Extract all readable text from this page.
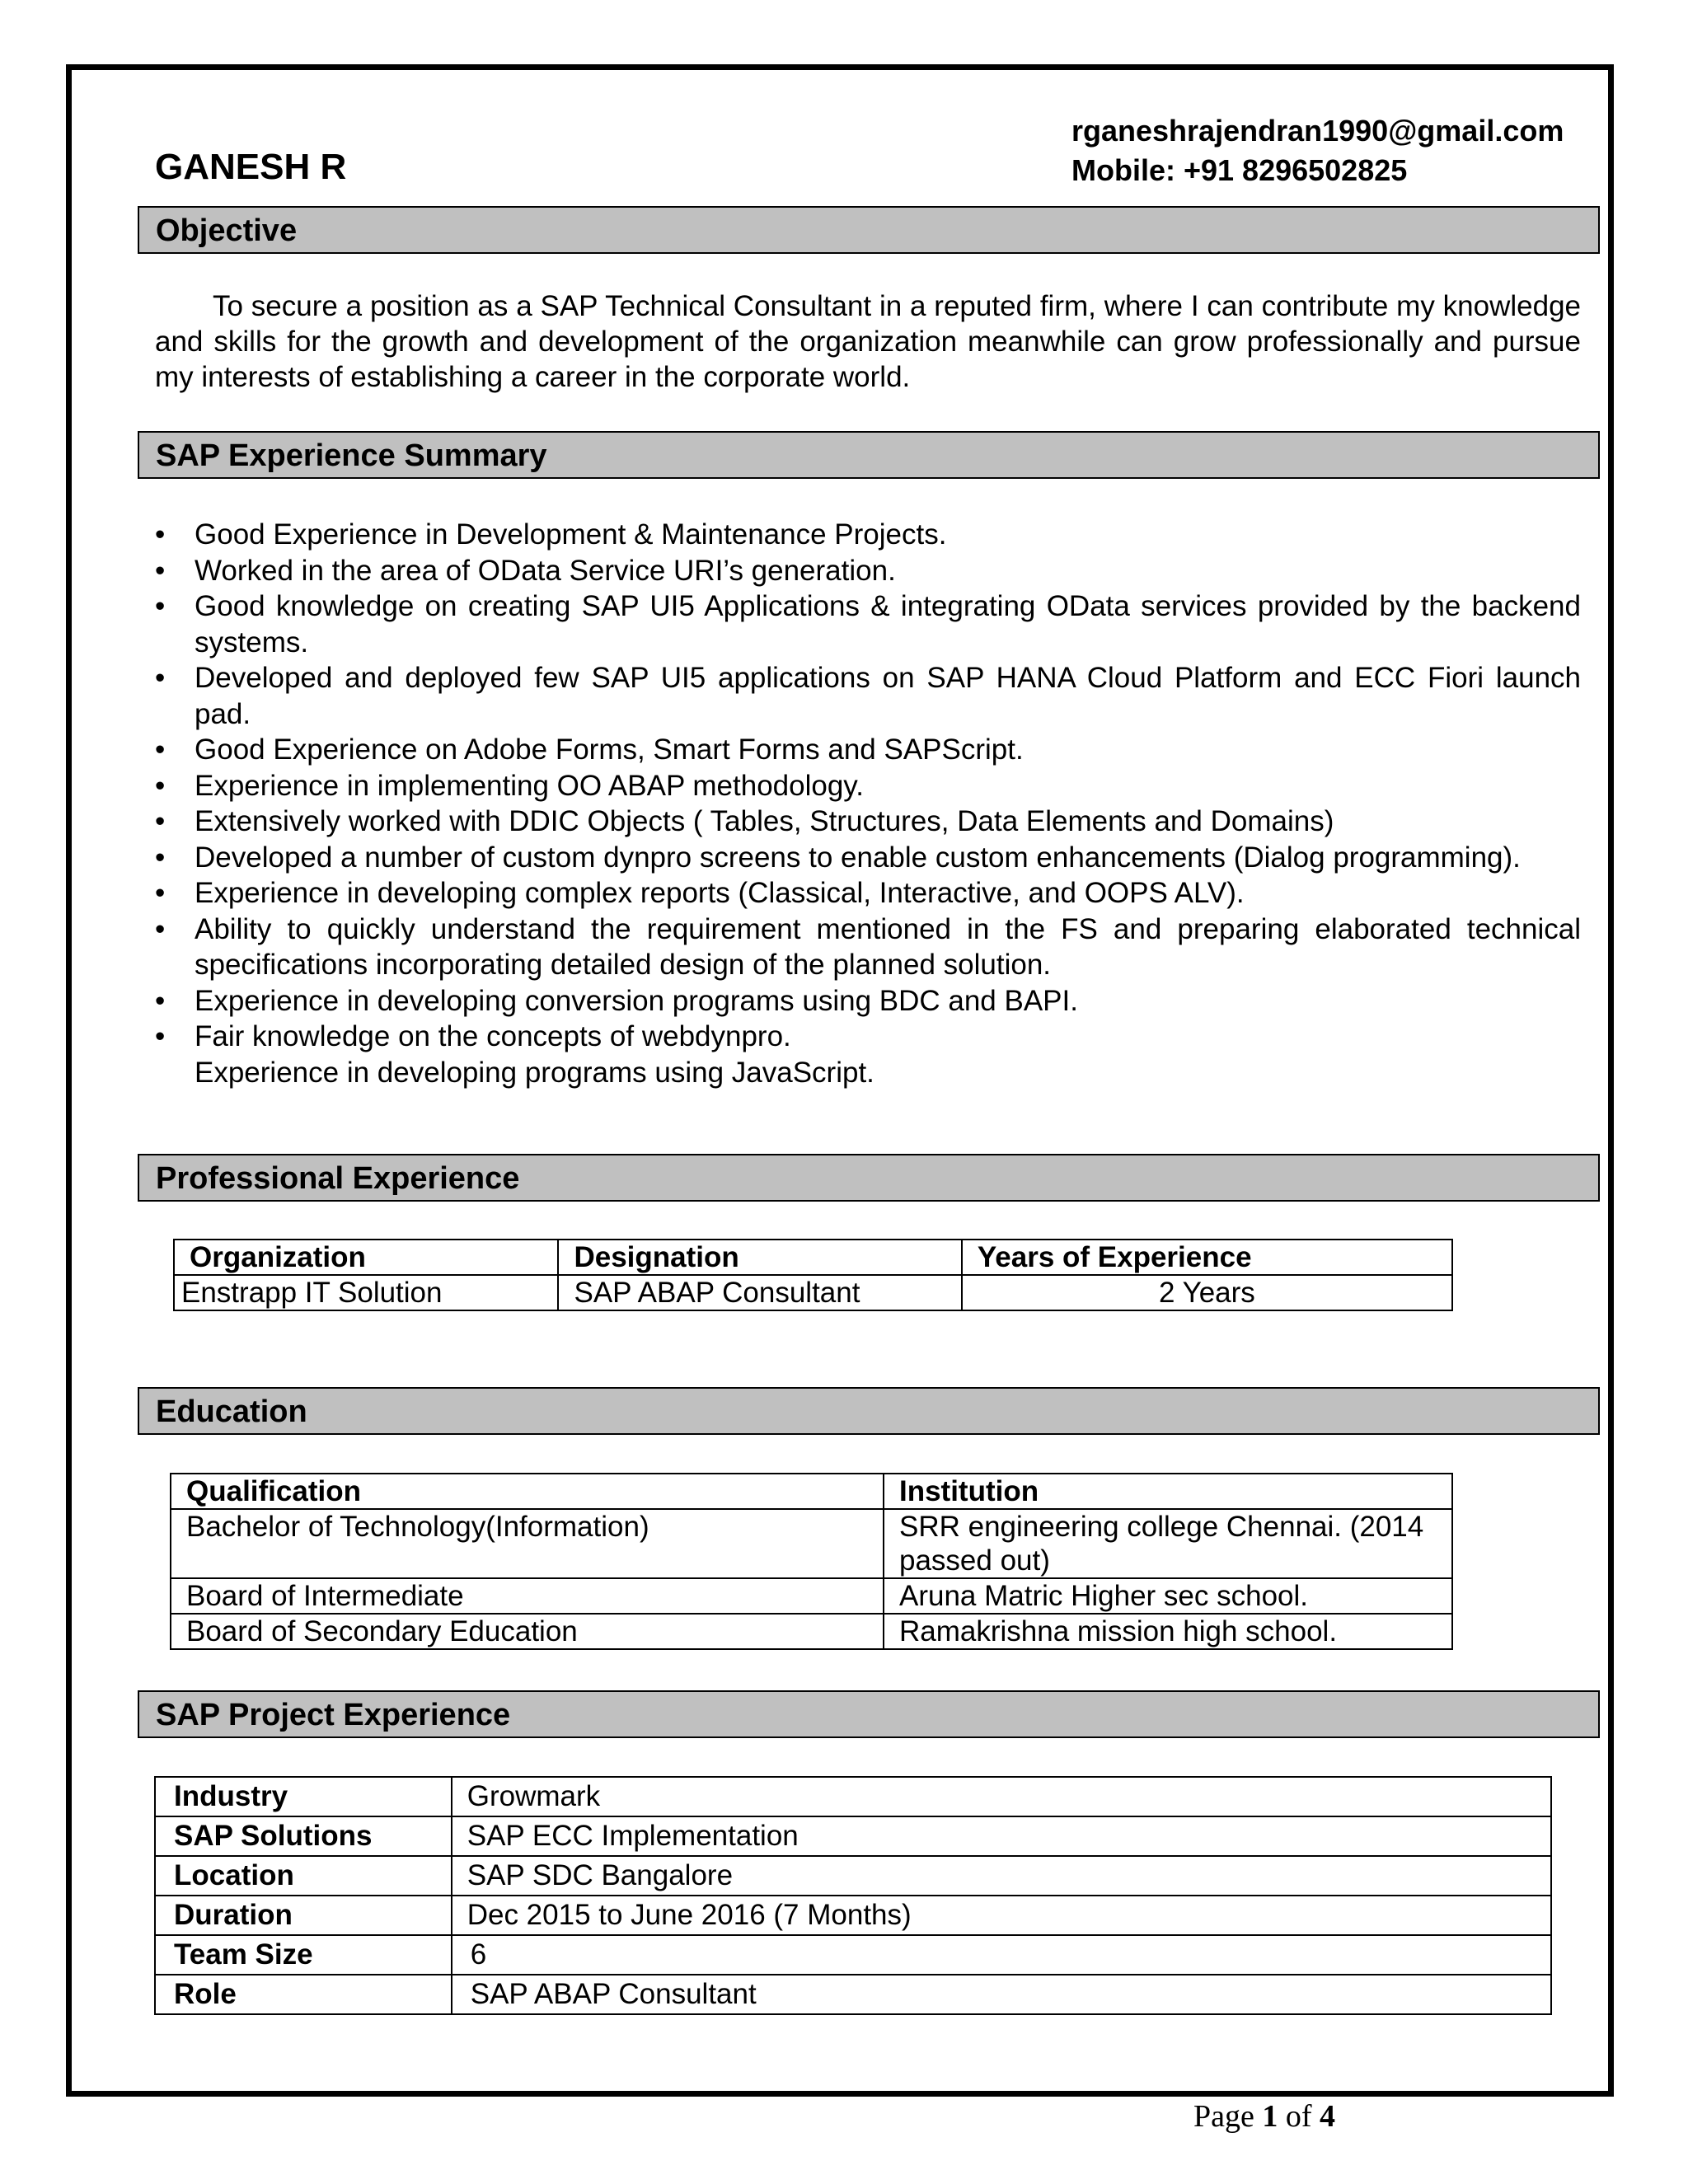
rganeshrajendran1990@gmail.com
GANESH R	Mobile: +91 8296502825
Objective

To secure a position as a SAP Technical Consultant in a reputed firm, where I can contribute my knowledge and skills for the growth and development of the organization meanwhile can grow professionally and pursue my interests of establishing a career in the corporate world.

SAP Experience Summary
• Good Experience in Development & Maintenance Projects.
• Worked in the area of OData Service URI’s generation.
• Good knowledge on creating SAP UI5 Applications & integrating OData services provided by the backend systems.
• Developed and deployed few SAP UI5 applications on SAP HANA Cloud Platform and ECC Fiori launch pad.
• Good Experience on Adobe Forms, Smart Forms and SAPScript.
• Experience in implementing OO ABAP methodology.
• Extensively worked with DDIC Objects ( Tables, Structures, Data Elements and Domains)
• Developed a number of custom dynpro screens to enable custom enhancements (Dialog programming).
• Experience in developing complex reports (Classical, Interactive, and OOPS ALV).
• Ability to quickly understand the requirement mentioned in the FS and preparing elaborated technical specifications incorporating detailed design of the planned solution.
• Experience in developing conversion programs using BDC and BAPI.
• Fair knowledge on the concepts of webdynpro.
Experience in developing programs using JavaScript.
Professional Experience
Organization	Designation	Years of Experience
Enstrapp IT Solution	SAP ABAP Consultant	2 Years
Education
Qualification	Institution
Bachelor of Technology(Information)	SRR engineering college Chennai. (2014 passed out)
Board of Intermediate	Aruna Matric Higher sec school.
Board of Secondary Education	Ramakrishna mission high school.
SAP Project Experience
Industry	Growmark
SAP Solutions	SAP ECC Implementation
Location	SAP SDC Bangalore
Duration	Dec 2015 to June 2016 (7 Months)
Team Size	6
Role	SAP ABAP Consultant
Page 1 of 4
